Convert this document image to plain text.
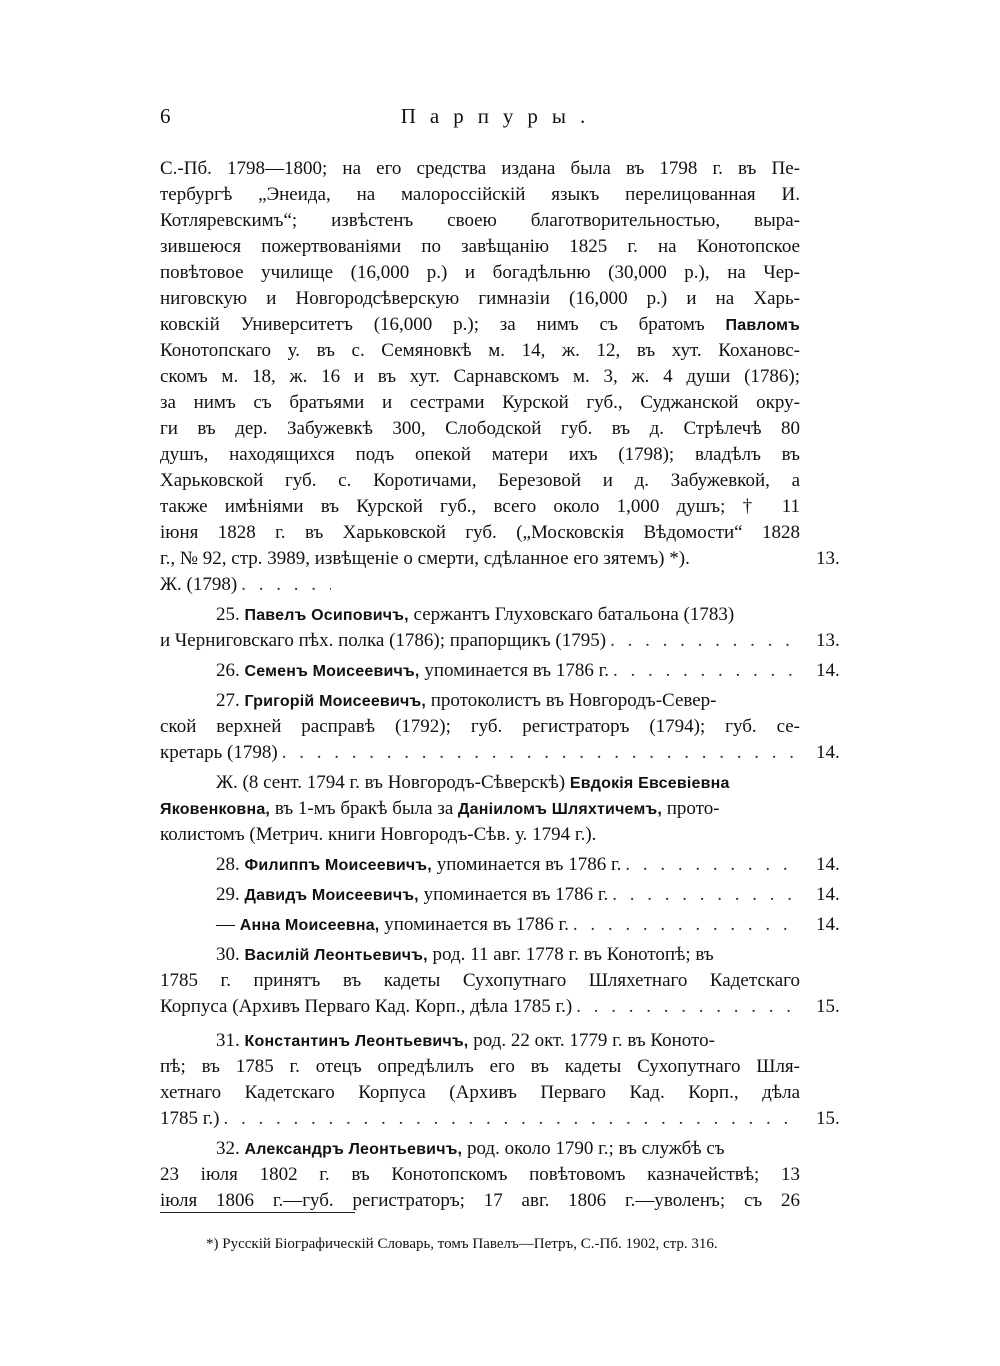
6	Парпуры.
С.-Пб. 1798—1800; на его средства издана была въ 1798 г. въ Пе-
тербургѣ „Энеида, на малороссійскій языкъ перелицованная И.
Котляревскимъ“; извѣстенъ своею благотворительностью, выра-
зившеюся пожертвованіями по завѣщанію 1825 г. на Конотопское
повѣтовое училище (16,000 р.) и богадѣльню (30,000 р.), на Чер-
ниговскую и Новгородсѣверскую гимназіи (16,000 р.) и на Харь-
ковскій Университетъ (16,000 р.); за нимъ съ братомъ Павломъ
Конотопскаго у. въ с. Семяновкѣ м. 14, ж. 12, въ хут. Кохановс-
скомъ м. 18, ж. 16 и въ хут. Сарнавскомъ м. 3, ж. 4 души (1786);
за нимъ съ братьями и сестрами Курской губ., Суджанской окру-
ги въ дер. Забужевкѣ 300, Слободской губ. въ д. Стрѣлечѣ 80
душъ, находящихся подъ опекой матери ихъ (1798); владѣлъ въ
Харьковской губ. с. Коротичами, Березовой и д. Забужевкой, а
также имѣніями въ Курской губ., всего около 1,000 душъ; † 11
іюня 1828 г. въ Харьковской губ. („Московскія Вѣдомости“ 1828
г., № 92, стр. 3989, извѣщеніе о смерти, сдѣланное его зятемъ) *).	13.
Ж. (1798)
. . .
25. Павелъ Осиповичъ, сержантъ Глуховскаго батальона (1783)
и Черниговскаго пѣх. полка (1786); прапорщикъ (1795) . . .	13.
26. Семенъ Моисеевичъ, упоминается въ 1786 г. . . .	14.
27. Григорій Моисеевичъ, протоколистъ въ Новгородъ-Север-
ской верхней расправѣ (1792); губ. регистраторъ (1794); губ. се-
кретарь (1798) . . .	14.
Ж. (8 сент. 1794 г. въ Новгородъ-Сѣверскѣ) Евдокія Евсевіевна
Яковенковна, въ 1-мъ бракѣ была за Даніиломъ Шляхтичемъ, прото-
колистомъ (Метрич. книги Новгородъ-Сѣв. у. 1794 г.).
28. Филиппъ Моисеевичъ, упоминается въ 1786 г. . . .	14.
29. Давидъ Моисеевичъ, упоминается въ 1786 г. . . .	14.
— Анна Моисеевна, упоминается въ 1786 г. . . .	14.
30. Василій Леонтьевичъ, род. 11 авг. 1778 г. въ Конотопѣ; въ
1785 г. принятъ въ кадеты Сухопутнаго Шляхетнаго Кадетскаго
Корпуса (Архивъ Перваго Кад. Корп., дѣла 1785 г.) . . .	15.
31. Константинъ Леонтьевичъ, род. 22 окт. 1779 г. въ Коното-
пѣ; въ 1785 г. отецъ опредѣлилъ его въ кадеты Сухопутнаго Шля-
хетнаго Кадетскаго Корпуса (Архивъ Перваго Кад. Корп., дѣла
1785 г.) . . .	15.
32. Александръ Леонтьевичъ, род. около 1790 г.; въ службѣ съ
23 іюля 1802 г. въ Конотопскомъ повѣтовомъ казначействѣ; 13
іюля 1806 г.—губ. регистраторъ; 17 авг. 1806 г.—уволенъ; съ 26
*) Русскій Біографическій Словарь, томъ Павелъ—Петръ, С.-Пб. 1902, стр. 316.
